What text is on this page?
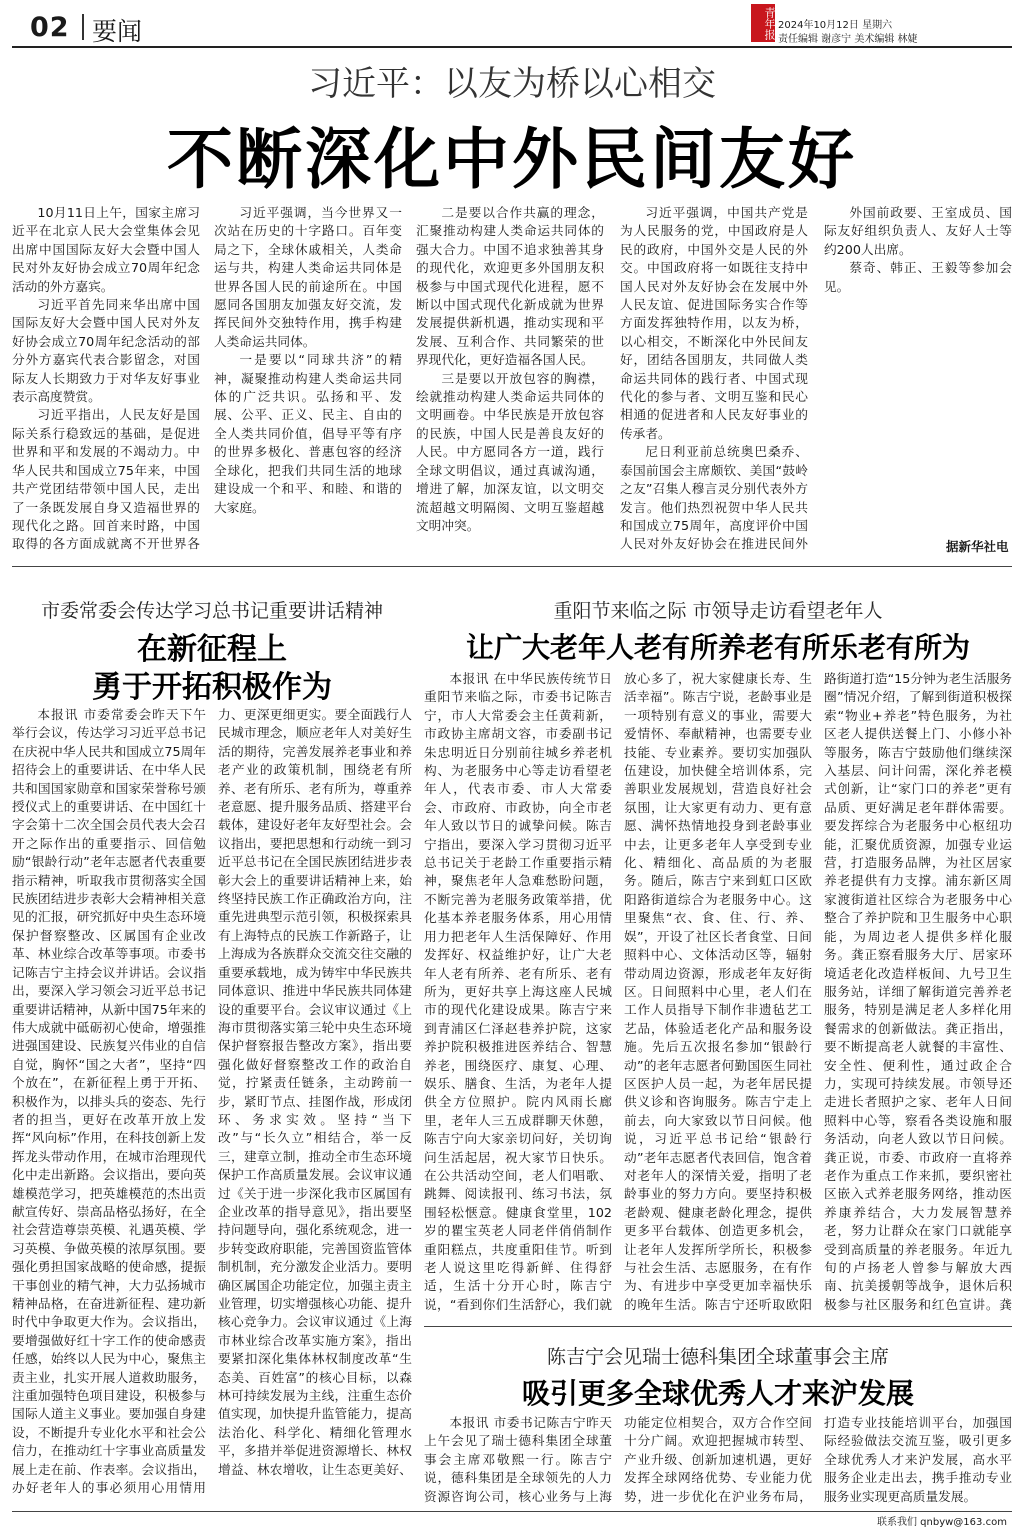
02 要闻	青年报 2024年10月12日 星期六
责任编辑 谢彦宁 美术编辑 林婕
习近平：以友为桥以心相交
不断深化中外民间友好

10月11日上午，国家主席习近平在北京人民大会堂集体会见出席中国国际友好大会暨中国人民对外友好协会成立70周年纪念活动的外方嘉宾。

习近平首先同来华出席中国国际友好大会暨中国人民对外友好协会成立70周年纪念活动的部分外方嘉宾代表合影留念，对国际友人长期致力于对华友好事业表示高度赞赏。

习近平指出，人民友好是国际关系行稳致远的基础，是促进世界和平和发展的不竭动力。中华人民共和国成立75年来，中国共产党团结带领中国人民，走出了一条既发展自身又造福世界的现代化之路。回首来时路，中国取得的各方面成就离不开世界各

习近平强调，当今世界又一次站在历史的十字路口。百年变局之下，全球休戚相关，人类命运与共，构建人类命运共同体是世界各国人民的前途所在。中国愿同各国朋友加强友好交流，发挥民间外交独特作用，携手构建人类命运共同体。

一是要以“同球共济”的精神，凝聚推动构建人类命运共同体的广泛共识。弘扬和平、发展、公平、正义、民主、自由的全人类共同价值，倡导平等有序的世界多极化、普惠包容的经济全球化，把我们共同生活的地球建设成一个和平、和睦、和谐的大家庭。

二是要以合作共赢的理念，汇聚推动构建人类命运共同体的强大合力。中国不追求独善其身的现代化，欢迎更多外国朋友积极参与中国式现代化进程，愿不断以中国式现代化新成就为世界发展提供新机遇，推动实现和平发展、互利合作、共同繁荣的世界现代化，更好造福各国人民。

三是要以开放包容的胸襟，绘就推动构建人类命运共同体的文明画卷。中华民族是开放包容的民族，中国人民是善良友好的人民。中方愿同各方一道，践行全球文明倡议，通过真诚沟通，增进了解，加深友谊，以文明交流超越文明隔阂、文明互鉴超越文明冲突。

习近平强调，中国共产党是为人民服务的党，中国政府是人民的政府，中国外交是人民的外交。中国政府将一如既往支持中国人民对外友好协会在发展中外人民友谊、促进国际务实合作等方面发挥独特作用，以友为桥，以心相交，不断深化中外民间友好，团结各国朋友，共同做人类命运共同体的践行者、中国式现代化的参与者、文明互鉴和民心相通的促进者和人民友好事业的传承者。

尼日利亚前总统奥巴桑乔、泰国前国会主席颇钦、美国“鼓岭之友”召集人穆言灵分别代表外方发言。他们热烈祝贺中华人民共和国成立75周年，高度评价中国人民对外友好协会在推进民间外

外国前政要、王室成员、国际友好组织负责人、友好人士等约200人出席。

蔡奇、韩正、王毅等参加会见。

据新华社电
市委常委会传达学习总书记重要讲话精神
在新征程上
勇于开拓积极作为

本报讯 市委常委会昨天下午举行会议，传达学习习近平总书记在庆祝中华人民共和国成立75周年招待会上的重要讲话、在中华人民共和国国家勋章和国家荣誉称号颁授仪式上的重要讲话、在中国红十字会第十二次全国会员代表大会召开之际作出的重要指示、回信勉励“银龄行动”老年志愿者代表重要指示精神，听取我市贯彻落实全国民族团结进步表彰大会精神相关意见的汇报，研究抓好中央生态环境保护督察整改、区属国有企业改革、林业综合改革等事项。市委书记陈吉宁主持会议并讲话。会议指出，要深入学习领会习近平总书记重要讲话精神，从新中国75年来的伟大成就中砥砺初心使命，增强推进强国建设、民族复兴伟业的自信自觉，胸怀“国之大者”，坚持“四个放在”，在新征程上勇于开拓、积极作为，以排头兵的姿态、先行者的担当，更好在改革开放上发挥“风向标”作用，在科技创新上发挥龙头带动作用，在城市治理现代化中走出新路。会议指出，要向英雄模范学习，把英雄模范的杰出贡献宣传好、崇高品格弘扬好，在全社会营造尊崇英模、礼遇英模、学习英模、争做英模的浓厚氛围。要强化勇担国家战略的使命感，提振干事创业的精气神，大力弘扬城市精神品格，在奋进新征程、建功新时代中争取更大作为。会议指出，要增强做好红十字工作的使命感责任感，始终以人民为中心，聚焦主责主业，扎实开展人道救助服务，注重加强特色项目建设，积极参与国际人道主义事业。要加强自身建设，不断提升专业化水平和社会公信力，在推动红十字事业高质量发展上走在前、作表率。会议指出，办好老年人的事必须用心用情用力、更深更细更实。要全面践行人民城市理念，顺应老年人对美好生活的期待，完善发展养老事业和养老产业的政策机制，围绕老有所养、老有所乐、老有所为，尊重养老意愿、提升服务品质、搭建平台载体，建设好老年友好型社会。会议指出，要把思想和行动统一到习近平总书记在全国民族团结进步表彰大会上的重要讲话精神上来，始终坚持民族工作正确政治方向，注重先进典型示范引领，积极探索具有上海特点的民族工作新路子，让上海成为各族群众交流交往交融的重要承载地，成为铸牢中华民族共同体意识、推进中华民族共同体建设的重要平台。会议审议通过《上海市贯彻落实第三轮中央生态环境保护督察报告整改方案》，指出要强化做好督察整改工作的政治自觉，拧紧责任链条，主动跨前一步，紧盯节点、挂图作战，形成闭环、务求实效。坚持“当下改”与“长久立”相结合，举一反三，建章立制，推动全市生态环境保护工作高质量发展。会议审议通过《关于进一步深化我市区属国有企业改革的指导意见》，指出要坚持问题导向，强化系统观念，进一步转变政府职能，完善国资监管体制机制，充分激发企业活力。要明确区属国企功能定位，加强主责主业管理，切实增强核心功能、提升核心竞争力。会议审议通过《上海市林业综合改革实施方案》，指出要紧扣深化集体林权制度改革“生态美、百姓富”的核心目标，以森林可持续发展为主线，注重生态价值实现，加快提升监管能力，提高法治化、科学化、精细化管理水平，多措并举促进资源增长、林权增益、林农增收，让生态更美好、

重阳节来临之际 市领导走访看望老年人
让广大老年人老有所养老有所乐老有所为

本报讯 在中华民族传统节日重阳节来临之际，市委书记陈吉宁，市人大常委会主任黄莉新，市政协主席胡文容，市委副书记朱忠明近日分别前往城乡养老机构、为老服务中心等走访看望老年人，代表市委、市人大常委会、市政府、市政协，向全市老年人致以节日的诚挚问候。陈吉宁指出，要深入学习贯彻习近平总书记关于老龄工作重要指示精神，聚焦老年人急难愁盼问题，不断完善为老服务政策举措，优化基本养老服务体系，用心用情用力把老年人生活保障好、作用发挥好、权益维护好，让广大老年人老有所养、老有所乐、老有所为，更好共享上海这座人民城市的现代化建设成果。陈吉宁来到青浦区仁泽赵巷养护院，这家养护院积极推进医养结合、智慧养老，围绕医疗、康复、心理、娱乐、膳食、生活，为老年人提供全方位照护。院内风雨长廊里，老年人三五成群聊天休憩，陈吉宁向大家亲切问好，关切询问生活起居，祝大家节日快乐。在公共活动空间，老人们唱歌、跳舞、阅读报刊、练习书法，氛围轻松惬意。健康食堂里，102岁的瞿宝英老人同老伴俏俏制作重阳糕点，共度重阳佳节。听到老人说这里吃得新鲜、住得舒适，生活十分开心时，陈吉宁说，“看到你们生活舒心，我们就放心多了，祝大家健康长寿、生活幸福”。陈吉宁说，老龄事业是一项特别有意义的事业，需要大爱情怀、奉献精神，也需要专业技能、专业素养。要切实加强队伍建设，加快健全培训体系，完善职业发展规划，营造良好社会氛围，让大家更有动力、更有意愿、满怀热情地投身到老龄事业中去，让更多老年人享受到专业化、精细化、高品质的为老服务。随后，陈吉宁来到虹口区欧阳路街道综合为老服务中心。这里聚焦“衣、食、住、行、养、娱”，开设了社区长者食堂、日间照料中心、文体活动区等，辐射带动周边资源，形成老年友好街区。日间照料中心里，老人们在工作人员指导下制作非遗毡艺工艺品，体验适老化产品和服务设施。先后五次报名参加“银龄行动”的老年志愿者何勤国医生同社区医护人员一起，为老年居民提供义诊和咨询服务。陈吉宁走上前去，向大家致以节日问候。他说，习近平总书记给“银龄行动”老年志愿者代表回信，饱含着对老年人的深情关爱，指明了老龄事业的努力方向。要坚持积极老龄观、健康老龄化理念，提供更多平台载体、创造更多机会，让老年人发挥所学所长，积极参与社会生活、志愿服务，在有作为、有进步中享受更加幸福快乐的晚年生活。陈吉宁还听取欧阳路街道打造“15分钟为老生活服务圈”情况介绍，了解到街道积极探索“物业+养老”特色服务，为社区老人提供送餐上门、小修小补等服务，陈吉宁鼓励他们继续深入基层、问计问需，深化养老模式创新，让“家门口的养老”更有品质、更好满足老年群体需要。要发挥综合为老服务中心枢纽功能，汇聚优质资源，加强专业运营，打造服务品牌，为社区居家养老提供有力支撑。浦东新区周家渡街道社区综合为老服务中心整合了养护院和卫生服务中心职能，为周边老人提供多样化服务。龚正察看服务大厅、居家环境适老化改造样板间、九号卫生服务站，详细了解街道完善养老服务，特别是满足老人多样化用餐需求的创新做法。龚正指出，要不断提高老人就餐的丰富性、安全性、便利性，通过政企合力，实现可持续发展。市领导还走进长者照护之家、老年人日间照料中心等，察看各类设施和服务活动，向老人致以节日问候。龚正说，市委、市政府一直将养老作为重点工作来抓，要织密社区嵌入式养老服务网络，推动医养康养结合，大力发展智慧养老，努力让群众在家门口就能享受到高质量的养老服务。年近九旬的卢扬老人曾参与解放大西南、抗美援朝等战争，退休后积极参与社区服务和红色宣讲。龚

陈吉宁会见瑞士德科集团全球董事会主席
吸引更多全球优秀人才来沪发展

本报讯 市委书记陈吉宁昨天上午会见了瑞士德科集团全球董事会主席邓敬熙一行。陈吉宁说，德科集团是全球领先的人力资源咨询公司，核心业务与上海功能定位相契合，双方合作空间十分广阔。欢迎把握城市转型、产业升级、创新加速机遇，更好发挥全球网络优势、专业能力优势，进一步优化在沪业务布局，打造专业技能培训平台，加强国际经验做法交流互鉴，吸引更多全球优秀人才来沪发展，高水平服务企业走出去，携手推动专业服务业实现更高质量发展。

联系我们 qnbyw@163.com
